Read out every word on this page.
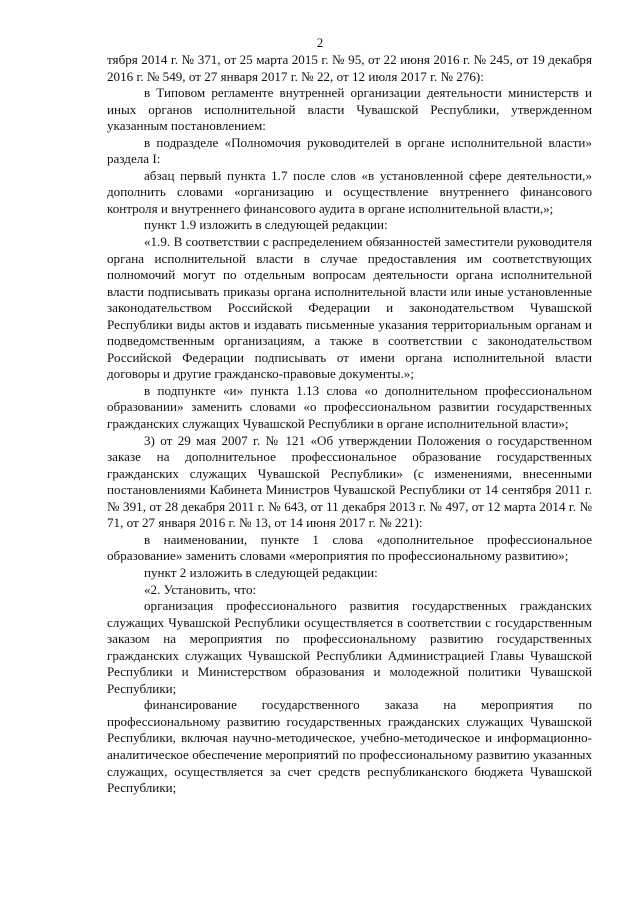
2

тября 2014 г. № 371, от 25 марта 2015 г. № 95, от 22 июня 2016 г. № 245, от 19 декабря 2016 г. № 549, от 27 января 2017 г. № 22, от 12 июля 2017 г. № 276):

в Типовом регламенте внутренней организации деятельности министерств и иных органов исполнительной власти Чувашской Республики, утвержденном указанным постановлением:

в подразделе «Полномочия руководителей в органе исполнительной власти» раздела I:

абзац первый пункта 1.7 после слов «в установленной сфере деятельности,» дополнить словами «организацию и осуществление внутреннего финансового контроля и внутреннего финансового аудита в органе исполнительной власти,»;

пункт 1.9 изложить в следующей редакции:

«1.9. В соответствии с распределением обязанностей заместители руководителя органа исполнительной власти в случае предоставления им соответствующих полномочий могут по отдельным вопросам деятельности органа исполнительной власти подписывать приказы органа исполнительной власти или иные установленные законодательством Российской Федерации и законодательством Чувашской Республики виды актов и издавать письменные указания территориальным органам и подведомственным организациям, а также в соответствии с законодательством Российской Федерации подписывать от имени органа исполнительной власти договоры и другие гражданско-правовые документы.»;

в подпункте «и» пункта 1.13 слова «о дополнительном профессиональном образовании» заменить словами «о профессиональном развитии государственных гражданских служащих Чувашской Республики в органе исполнительной власти»;

3) от 29 мая 2007 г. № 121 «Об утверждении Положения о государственном заказе на дополнительное профессиональное образование государственных гражданских служащих Чувашской Республики» (с изменениями, внесенными постановлениями Кабинета Министров Чувашской Республики от 14 сентября 2011 г. № 391, от 28 декабря 2011 г. № 643, от 11 декабря 2013 г. № 497, от 12 марта 2014 г. № 71, от 27 января 2016 г. № 13, от 14 июня 2017 г. № 221):

в наименовании, пункте 1 слова «дополнительное профессиональное образование» заменить словами «мероприятия по профессиональному развитию»;

пункт 2 изложить в следующей редакции:

«2. Установить, что:

организация профессионального развития государственных гражданских служащих Чувашской Республики осуществляется в соответствии с государственным заказом на мероприятия по профессиональному развитию государственных гражданских служащих Чувашской Республики Администрацией Главы Чувашской Республики и Министерством образования и молодежной политики Чувашской Республики;

финансирование государственного заказа на мероприятия по профессиональному развитию государственных гражданских служащих Чувашской Республики, включая научно-методическое, учебно-методическое и информационно-аналитическое обеспечение мероприятий по профессиональному развитию указанных служащих, осуществляется за счет средств республиканского бюджета Чувашской Республики;
